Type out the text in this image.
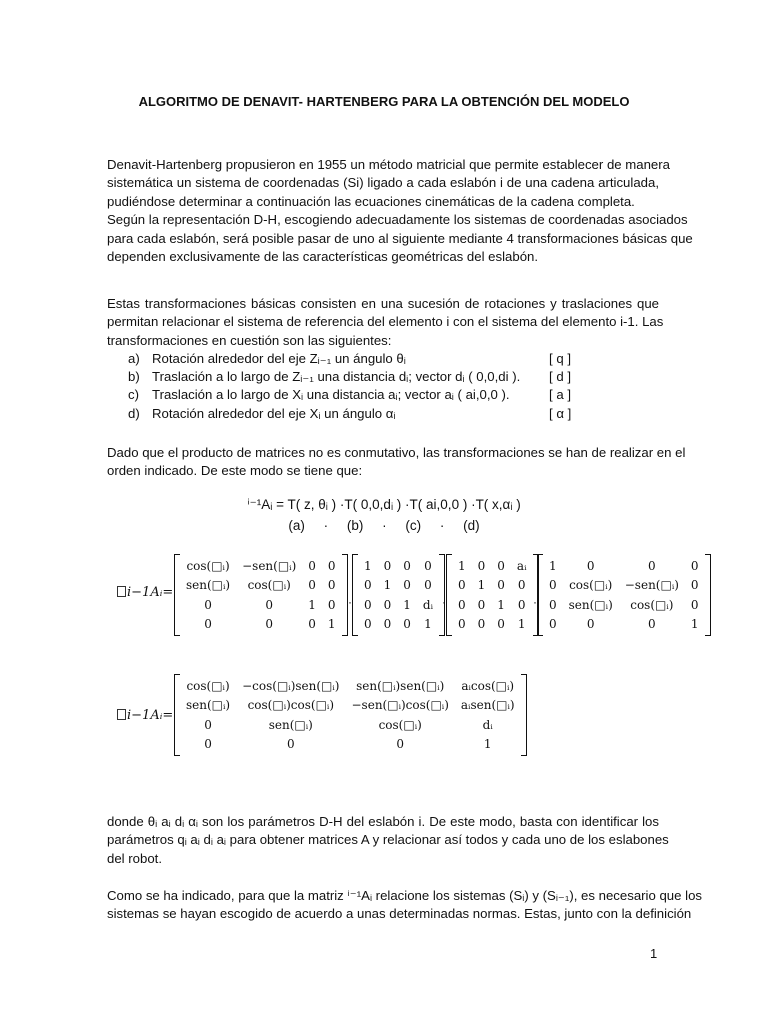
ALGORITMO DE DENAVIT- HARTENBERG PARA LA OBTENCIÓN DEL MODELO
Denavit-Hartenberg propusieron en 1955 un método matricial que permite establecer de manera
sistemática un sistema de coordenadas (Si) ligado a cada eslabón i de una cadena articulada,
pudiéndose determinar a continuación las ecuaciones cinemáticas de la cadena completa.
Según la representación D-H, escogiendo adecuadamente los sistemas de coordenadas asociados
para cada eslabón, será posible pasar de uno al siguiente mediante 4 transformaciones básicas que
dependen exclusivamente de las características geométricas del eslabón.
Estas transformaciones básicas consisten en una sucesión de rotaciones y traslaciones que
permitan relacionar el sistema de referencia del elemento i con el sistema del elemento i-1. Las
transformaciones en cuestión son las siguientes:
a) Rotación alrededor del eje Zᵢ₋₁ un ángulo θᵢ	[ q ]
b) Traslación a lo largo de Zᵢ₋₁ una distancia dᵢ; vector dᵢ ( 0,0,di ). [ d ]
c) Traslación a lo largo de Xᵢ una distancia aᵢ; vector aᵢ ( ai,0,0 ).	[ a ]
d) Rotación alrededor del eje Xᵢ un ángulo αᵢ	[ α ]
Dado que el producto de matrices no es conmutativo, las transformaciones se han de realizar en el
orden indicado. De este modo se tiene que:
ⁱ⁻¹Aᵢ = T( z, θᵢ ) ·T( 0,0,dᵢ ) ·T( ai,0,0 ) ·T( x,αᵢ )
(a)     ·     (b)     ·     (c)     ·     (d)
i−1Aᵢ=
cos(□ᵢ)	−sen(□ᵢ)	0	0
sen(□ᵢ)	cos(□ᵢ)	0	0
0	0	1	0
0	0	0	1
·
1	0	0	0
0	1	0	0
0	0	1	dᵢ
0	0	0	1
·
1	0	0	aᵢ
0	1	0	0
0	0	1	0
0	0	0	1
·
1	0	0	0
0	cos(□ᵢ)	−sen(□ᵢ)	0
0	sen(□ᵢ)	cos(□ᵢ)	0
0	0	0	1
i−1Aᵢ=
cos(□ᵢ)	−cos(□ᵢ)sen(□ᵢ)	sen(□ᵢ)sen(□ᵢ)	aᵢcos(□ᵢ)
sen(□ᵢ)	cos(□ᵢ)cos(□ᵢ)	−sen(□ᵢ)cos(□ᵢ)	aᵢsen(□ᵢ)
0	sen(□ᵢ)	cos(□ᵢ)	dᵢ
0	0	0	1
donde θᵢ aᵢ dᵢ αᵢ son los parámetros D-H del eslabón i. De este modo, basta con identificar los
parámetros qᵢ aᵢ dᵢ aᵢ para obtener matrices A y relacionar así todos y cada uno de los eslabones
del robot.
Como se ha indicado, para que la matriz ⁱ⁻¹Aᵢ relacione los sistemas (Sᵢ) y (Sᵢ₋₁), es necesario que los
sistemas se hayan escogido de acuerdo a unas determinadas normas. Estas, junto con la definición
1
